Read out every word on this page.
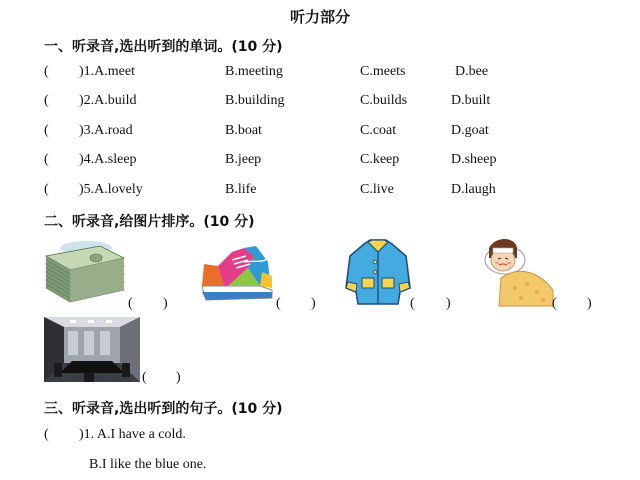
听力部分
一、听录音,选出听到的单词。(10 分)
( )1.A.meet	B.meeting	C.meets	D.bee
( )2.A.build	B.building	C.builds	D.built
( )3.A.road	B.boat	C.coat	D.goat
( )4.A.sleep	B.jeep	C.keep	D.sheep
( )5.A.lovely	B.life	C.live	D.laugh
二、听录音,给图片排序。(10 分)
( )	( )	( )	( )
( )
三、听录音,选出听到的句子。(10 分)
( )1. A.I have a cold.
B.I like the blue one.
